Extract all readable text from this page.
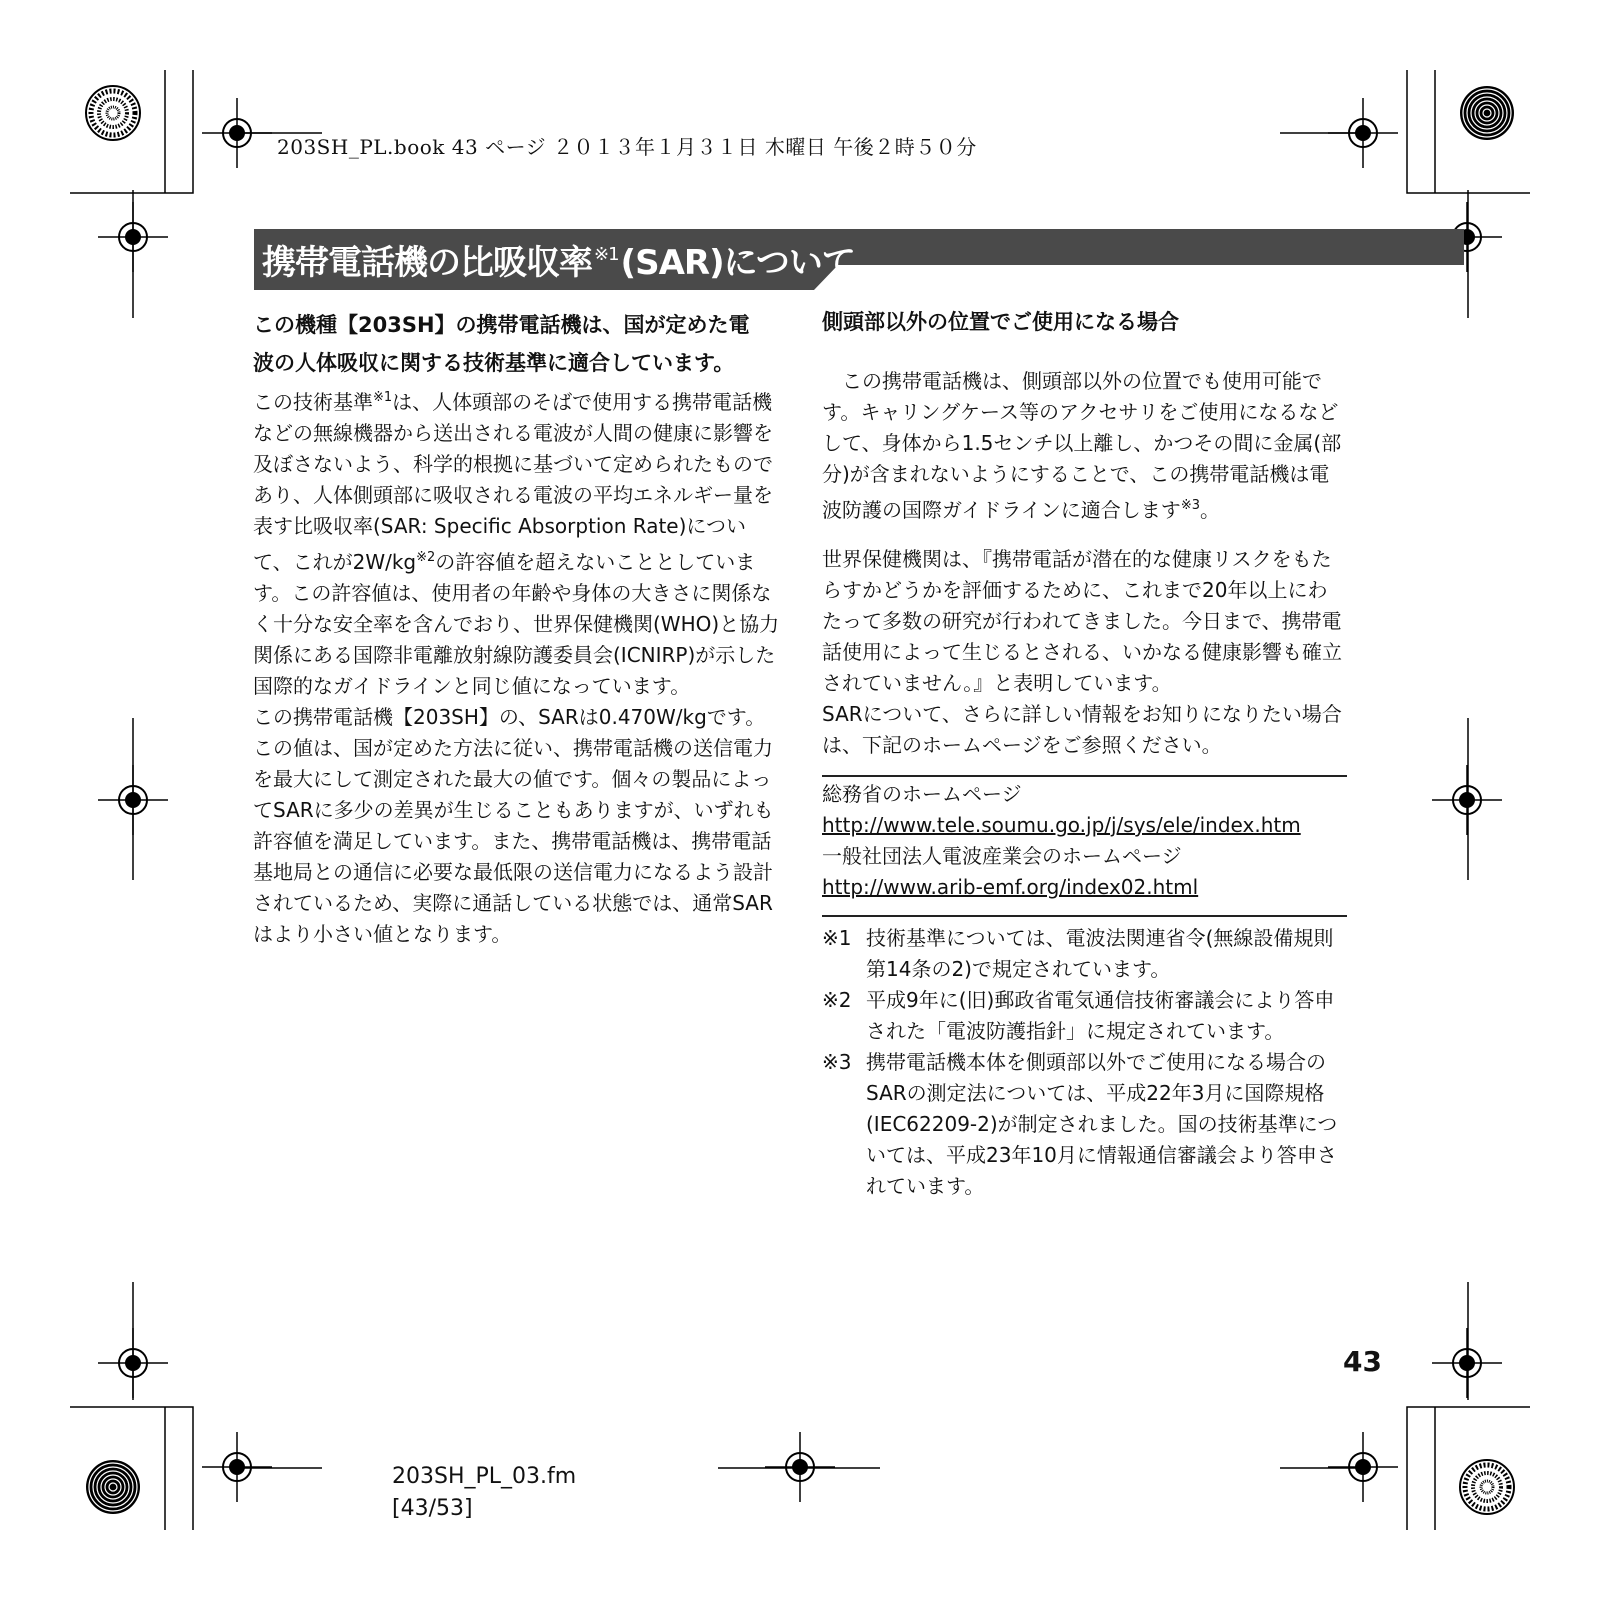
203SH_PL.book 43 ページ ２０１３年１月３１日 木曜日 午後２時５０分
携帯電話機の比吸収率 $^{※1}$(SAR)について
この機種【203SH】の携帯電話機は、国が定めた電
波の人体吸収に関する技術基準に適合しています。

この技術基準$^{※1}$は、人体頭部のそばで使用する携帯電話機などの無線機器から送出される電波が人間の健康に影響を及ぼさないよう、科学的根拠に基づいて定められたものであり、人体側頭部に吸収される電波の平均エネルギー量を表す比吸収率(SAR: Specific Absorption Rate)について、これが$2W/kg^{※2}$の許容値を超えないこととしています。この許容値は、使用者の年齢や身体の大きさに関係なく十分な安全率を含んでおり、世界保健機関(WHO)と協力関係にある国際非電離放射線防護委員会(ICNIRP)が示した国際的なガイドラインと同じ値になっています。

この携帯電話機【203SH】の、SARは0.470W/kgです。この値は、国が定めた方法に従い、携帯電話機の送信電力を最大にして測定された最大の値です。個々の製品によってSARに多少の差異が生じることもありますが、いずれも許容値を満足しています。また、携帯電話機は、携帯電話基地局との通信に必要な最低限の送信電力になるよう設計されているため、実際に通話している状態では、通常SARはより小さい値となります。

側頭部以外の位置でご使用になる場合

この携帯電話機は、側頭部以外の位置でも使用可能です。キャリングケース等のアクセサリをご使用になるなどして、身体から1.5センチ以上離し、かつその間に金属(部分)が含まれないようにすることで、この携帯電話機は電波防護の国際ガイドラインに適合します$^{※3}$。

世界保健機関は、『携帯電話が潜在的な健康リスクをもたらすかどうかを評価するために、これまで20年以上にわたって多数の研究が行われてきました。今日まで、携帯電話使用によって生じるとされる、いかなる健康影響も確立されていません。』と表明しています。

SARについて、さらに詳しい情報をお知りになりたい場合は、下記のホームページをご参照ください。

総務省のホームページ
http://www.tele.soumu.go.jp/j/sys/ele/index.htm
一般社団法人電波産業会のホームページ
http://www.arib-emf.org/index02.html
※1 技術基準については、電波法関連省令(無線設備規則第14条の2)で規定されています。
※2 平成9年に(旧)郵政省電気通信技術審議会により答申された「電波防護指針」に規定されています。
※3 携帯電話機本体を側頭部以外でご使用になる場合のSARの測定法については、平成22年3月に国際規格(IEC62209-2)が制定されました。国の技術基準については、平成23年10月に情報通信審議会より答申されています。
43
203SH_PL_03.fm
[43/53]
